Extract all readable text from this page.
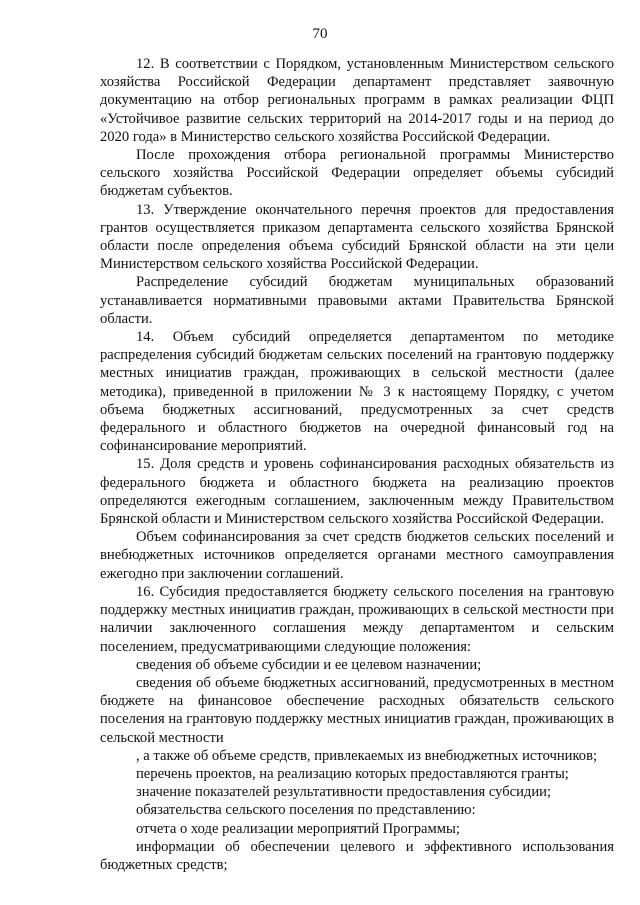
70

12. В соответствии с Порядком, установленным Министерством сельского хозяйства Российской Федерации департамент представляет заявочную документацию на отбор региональных программ в рамках реализации ФЦП «Устойчивое развитие сельских территорий на 2014-2017 годы и на период до 2020 года» в Министерство сельского хозяйства Российской Федерации.

После прохождения отбора региональной программы Министерство сельского хозяйства Российской Федерации определяет объемы субсидий бюджетам субъектов.

13. Утверждение окончательного перечня проектов для предоставления грантов осуществляется приказом департамента сельского хозяйства Брянской области после определения объема субсидий Брянской области на эти цели Министерством сельского хозяйства Российской Федерации.

Распределение субсидий бюджетам муниципальных образований устанавливается нормативными правовыми актами Правительства Брянской области.

14. Объем субсидий определяется департаментом по методике распределения субсидий бюджетам сельских поселений на грантовую поддержку местных инициатив граждан, проживающих в сельской местности (далее методика), приведенной в приложении № 3 к настоящему Порядку, с учетом объема бюджетных ассигнований, предусмотренных за счет средств федерального и областного бюджетов на очередной финансовый год на софинансирование мероприятий.

15. Доля средств и уровень софинансирования расходных обязательств из федерального бюджета и областного бюджета на реализацию проектов определяются ежегодным соглашением, заключенным между Правительством Брянской области и Министерством сельского хозяйства Российской Федерации.

Объем софинансирования за счет средств бюджетов сельских поселений и внебюджетных источников определяется органами местного самоуправления ежегодно при заключении соглашений.

16. Субсидия предоставляется бюджету сельского поселения на грантовую поддержку местных инициатив граждан, проживающих в сельской местности при наличии заключенного соглашения между департаментом и сельским поселением, предусматривающими следующие положения:

сведения об объеме субсидии и ее целевом назначении;

сведения об объеме бюджетных ассигнований, предусмотренных в местном бюджете на финансовое обеспечение расходных обязательств сельского поселения на грантовую поддержку местных инициатив граждан, проживающих в сельской местности

, а также об объеме средств, привлекаемых из внебюджетных источников;

перечень проектов, на реализацию которых предоставляются гранты;

значение показателей результативности предоставления субсидии;

обязательства сельского поселения по представлению:

отчета о ходе реализации мероприятий Программы;

информации об обеспечении целевого и эффективного использования бюджетных средств;
